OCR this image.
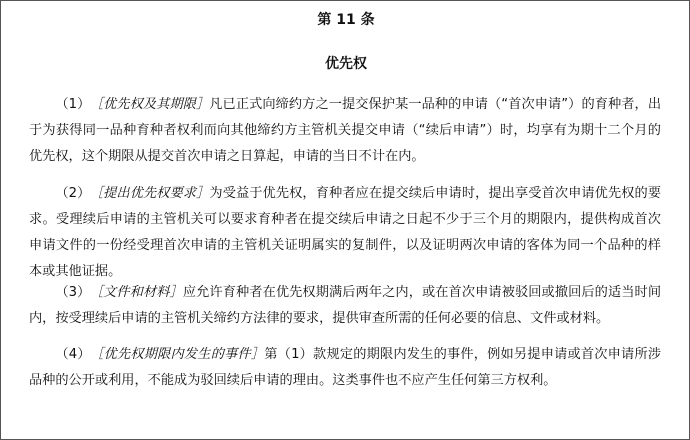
第 11 条
优先权

（1） ［优先权及其期限］凡已正式向缔约方之一提交保护某一品种的申请（“首次申请”）的育种者，出于为获得同一品种育种者权利而向其他缔约方主管机关提交申请（“续后申请”）时，均享有为期十二个月的优先权，这个期限从提交首次申请之日算起，申请的当日不计在内。

（2） ［提出优先权要求］为受益于优先权，育种者应在提交续后申请时，提出享受首次申请优先权的要求。受理续后申请的主管机关可以要求育种者在提交续后申请之日起不少于三个月的期限内，提供构成首次申请文件的一份经受理首次申请的主管机关证明属实的复制件，以及证明两次申请的客体为同一个品种的样本或其他证据。

（3） ［文件和材料］应允许育种者在优先权期满后两年之内，或在首次申请被驳回或撤回后的适当时间内，按受理续后申请的主管机关缔约方法律的要求，提供审查所需的任何必要的信息、文件或材料。

（4） ［优先权期限内发生的事件］第（1）款规定的期限内发生的事件，例如另提申请或首次申请所涉品种的公开或利用，不能成为驳回续后申请的理由。这类事件也不应产生任何第三方权利。
